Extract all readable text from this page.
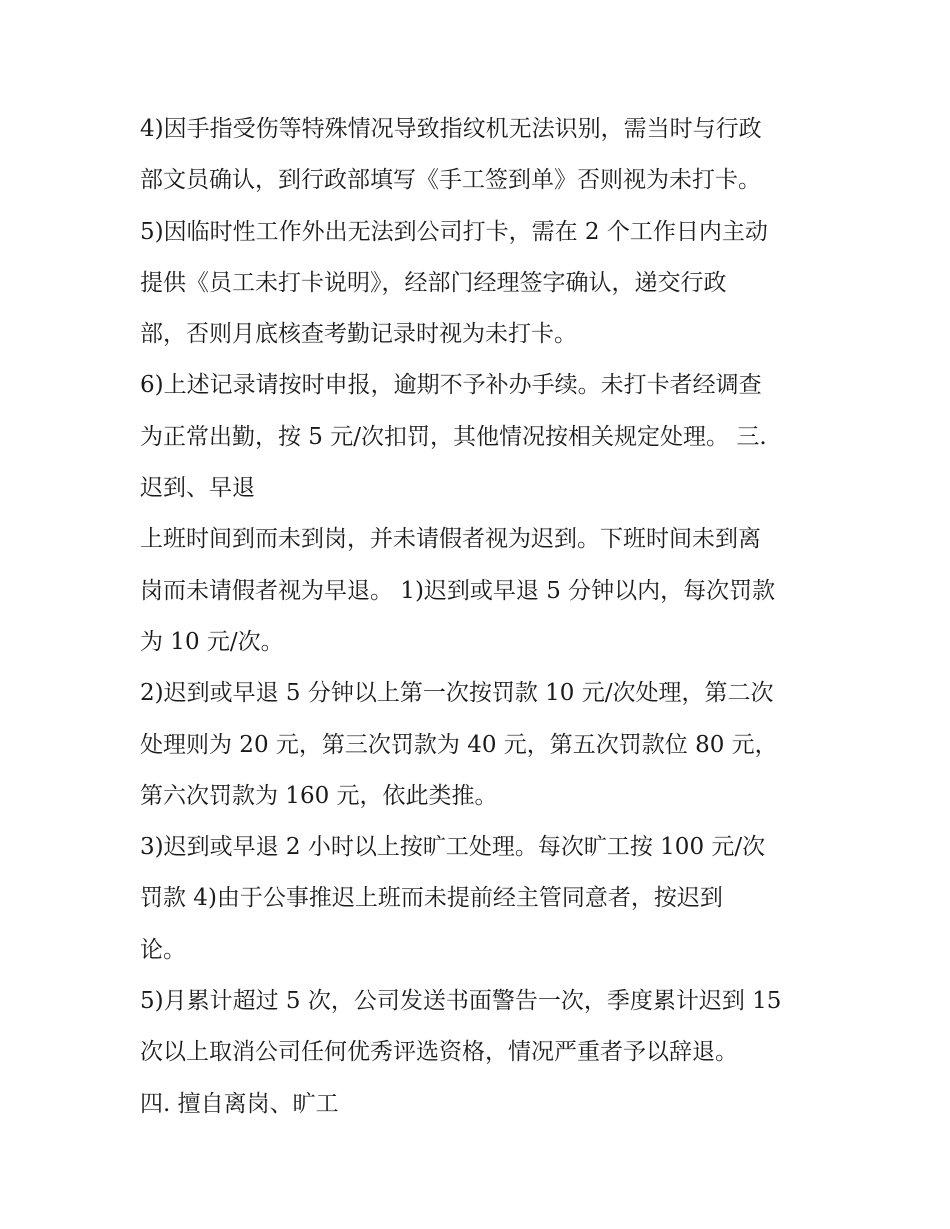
4)因手指受伤等特殊情况导致指纹机无法识别，需当时与行政
部文员确认，到行政部填写《手工签到单》否则视为未打卡。
5)因临时性工作外出无法到公司打卡，需在 2 个工作日内主动
提供《员工未打卡说明》，经部门经理签字确认，递交行政
部，否则月底核查考勤记录时视为未打卡。
6)上述记录请按时申报，逾期不予补办手续。未打卡者经调查
为正常出勤，按 5 元/次扣罚，其他情况按相关规定处理。 三.
迟到、早退
上班时间到而未到岗，并未请假者视为迟到。下班时间未到离
岗而未请假者视为早退。 1)迟到或早退 5 分钟以内，每次罚款
为 10 元/次。
2)迟到或早退 5 分钟以上第一次按罚款 10 元/次处理，第二次
处理则为 20 元，第三次罚款为 40 元，第五次罚款位 80 元，
第六次罚款为 160 元，依此类推。
3)迟到或早退 2 小时以上按旷工处理。每次旷工按 100 元/次
罚款 4)由于公事推迟上班而未提前经主管同意者，按迟到
论。
5)月累计超过 5 次，公司发送书面警告一次，季度累计迟到 15
次以上取消公司任何优秀评选资格，情况严重者予以辞退。
四. 擅自离岗、旷工
